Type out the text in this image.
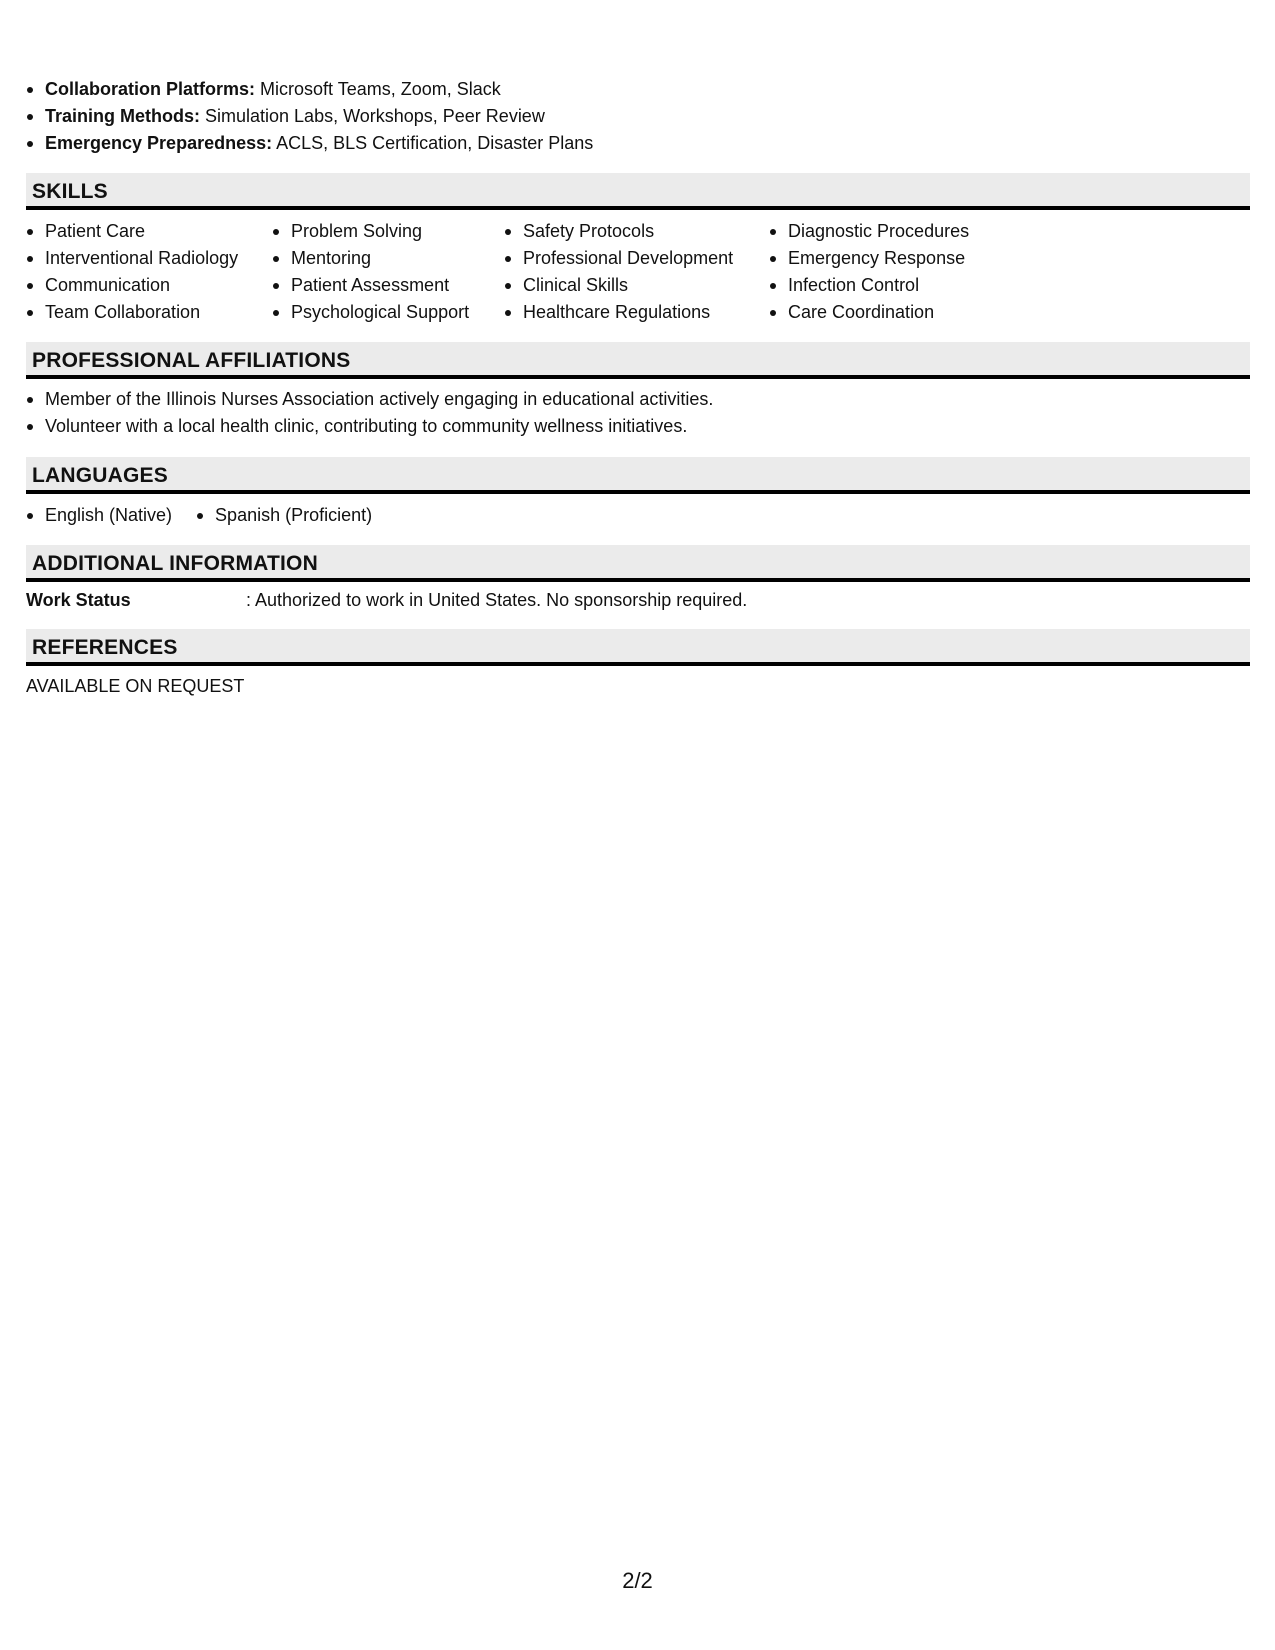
Collaboration Platforms: Microsoft Teams, Zoom, Slack
Training Methods: Simulation Labs, Workshops, Peer Review
Emergency Preparedness: ACLS, BLS Certification, Disaster Plans
SKILLS
Patient Care
Interventional Radiology
Communication
Team Collaboration
Problem Solving
Mentoring
Patient Assessment
Psychological Support
Safety Protocols
Professional Development
Clinical Skills
Healthcare Regulations
Diagnostic Procedures
Emergency Response
Infection Control
Care Coordination
PROFESSIONAL AFFILIATIONS
Member of the Illinois Nurses Association actively engaging in educational activities.
Volunteer with a local health clinic, contributing to community wellness initiatives.
LANGUAGES
English (Native)	Spanish (Proficient)
ADDITIONAL INFORMATION
Work Status	: Authorized to work in United States. No sponsorship required.
REFERENCES
AVAILABLE ON REQUEST
2/2
